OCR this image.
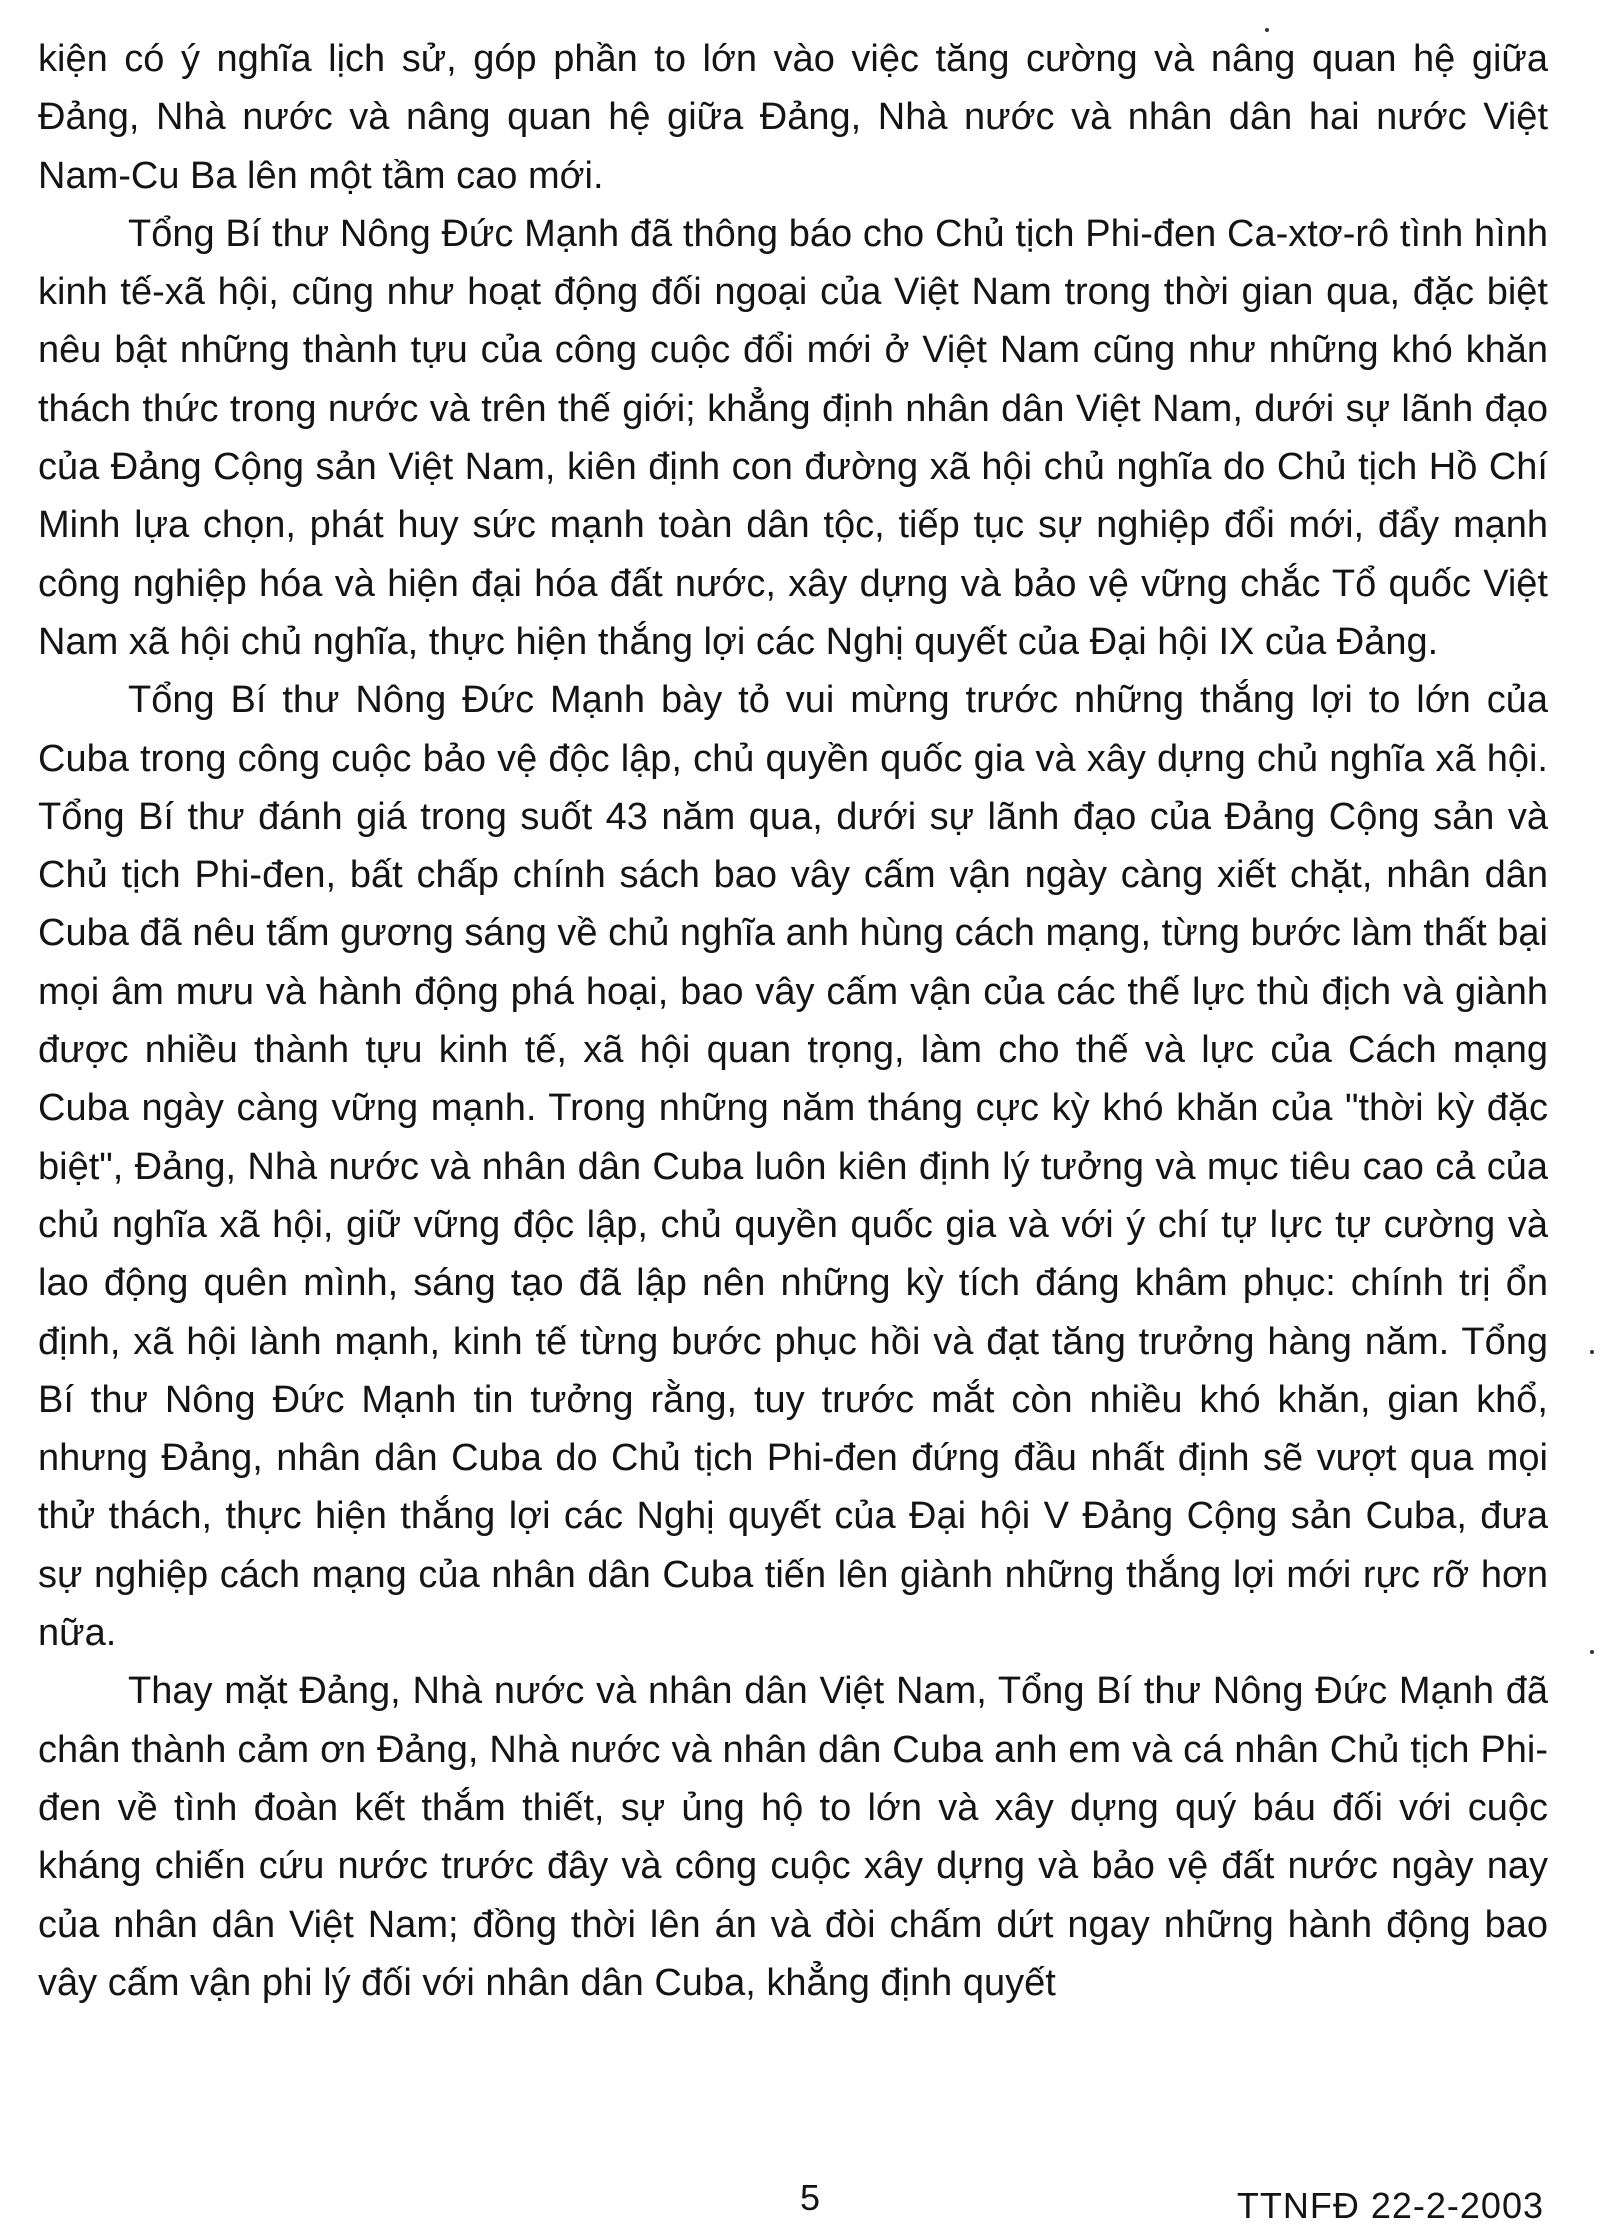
kiện có ý nghĩa lịch sử, góp phần to lớn vào việc tăng cường và nâng quan hệ giữa Đảng, Nhà nước và nâng quan hệ giữa Đảng, Nhà nước và nhân dân hai nước Việt Nam-Cu Ba lên một tầm cao mới.

Tổng Bí thư Nông Đức Mạnh đã thông báo cho Chủ tịch Phi-đen Ca-xtơ-rô tình hình kinh tế-xã hội, cũng như hoạt động đối ngoại của Việt Nam trong thời gian qua, đặc biệt nêu bật những thành tựu của công cuộc đổi mới ở Việt Nam cũng như những khó khăn thách thức trong nước và trên thế giới; khẳng định nhân dân Việt Nam, dưới sự lãnh đạo của Đảng Cộng sản Việt Nam, kiên định con đường xã hội chủ nghĩa do Chủ tịch Hồ Chí Minh lựa chọn, phát huy sức mạnh toàn dân tộc, tiếp tục sự nghiệp đổi mới, đẩy mạnh công nghiệp hóa và hiện đại hóa đất nước, xây dựng và bảo vệ vững chắc Tổ quốc Việt Nam xã hội chủ nghĩa, thực hiện thắng lợi các Nghị quyết của Đại hội IX của Đảng.

Tổng Bí thư Nông Đức Mạnh bày tỏ vui mừng trước những thắng lợi to lớn của Cuba trong công cuộc bảo vệ độc lập, chủ quyền quốc gia và xây dựng chủ nghĩa xã hội. Tổng Bí thư đánh giá trong suốt 43 năm qua, dưới sự lãnh đạo của Đảng Cộng sản và Chủ tịch Phi-đen, bất chấp chính sách bao vây cấm vận ngày càng xiết chặt, nhân dân Cuba đã nêu tấm gương sáng về chủ nghĩa anh hùng cách mạng, từng bước làm thất bại mọi âm mưu và hành động phá hoại, bao vây cấm vận của các thế lực thù địch và giành được nhiều thành tựu kinh tế, xã hội quan trọng, làm cho thế và lực của Cách mạng Cuba ngày càng vững mạnh. Trong những năm tháng cực kỳ khó khăn của "thời kỳ đặc biệt", Đảng, Nhà nước và nhân dân Cuba luôn kiên định lý tưởng và mục tiêu cao cả của chủ nghĩa xã hội, giữ vững độc lập, chủ quyền quốc gia và với ý chí tự lực tự cường và lao động quên mình, sáng tạo đã lập nên những kỳ tích đáng khâm phục: chính trị ổn định, xã hội lành mạnh, kinh tế từng bước phục hồi và đạt tăng trưởng hàng năm. Tổng Bí thư Nông Đức Mạnh tin tưởng rằng, tuy trước mắt còn nhiều khó khăn, gian khổ, nhưng Đảng, nhân dân Cuba do Chủ tịch Phi-đen đứng đầu nhất định sẽ vượt qua mọi thử thách, thực hiện thắng lợi các Nghị quyết của Đại hội V Đảng Cộng sản Cuba, đưa sự nghiệp cách mạng của nhân dân Cuba tiến lên giành những thắng lợi mới rực rỡ hơn nữa.

Thay mặt Đảng, Nhà nước và nhân dân Việt Nam, Tổng Bí thư Nông Đức Mạnh đã chân thành cảm ơn Đảng, Nhà nước và nhân dân Cuba anh em và cá nhân Chủ tịch Phi-đen về tình đoàn kết thắm thiết, sự ủng hộ to lớn và xây dựng quý báu đối với cuộc kháng chiến cứu nước trước đây và công cuộc xây dựng và bảo vệ đất nước ngày nay của nhân dân Việt Nam; đồng thời lên án và đòi chấm dứt ngay những hành động bao vây cấm vận phi lý đối với nhân dân Cuba, khẳng định quyết

5	TTNFĐ 22-2-2003
